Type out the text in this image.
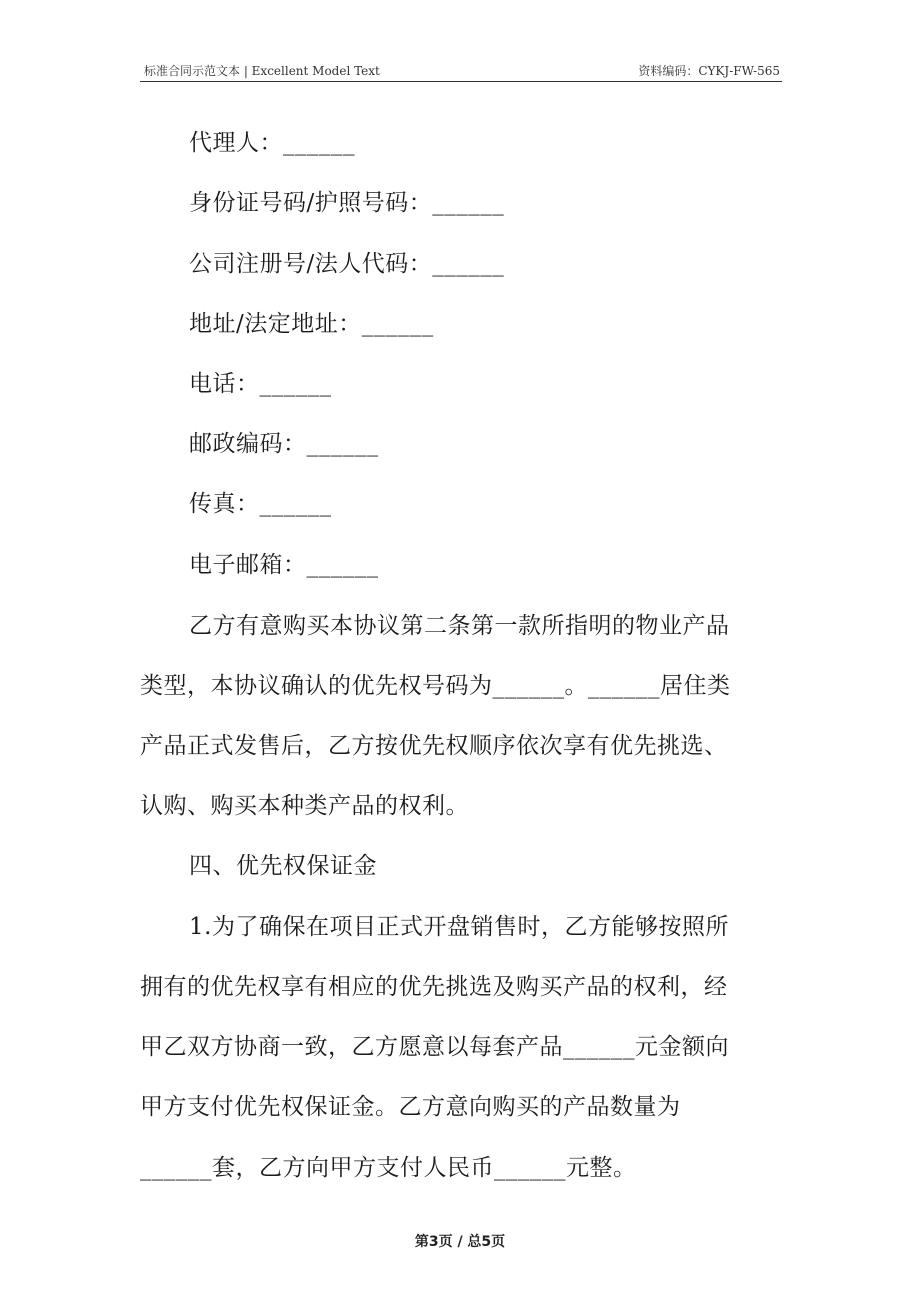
标准合同示范文本 | Excellent Model Text	资料编码：CYKJ-FW-565
代理人：______
身份证号码/护照号码：______
公司注册号/法人代码：______
地址/法定地址：______
电话：______
邮政编码：______
传真：______
电子邮箱：______
乙方有意购买本协议第二条第一款所指明的物业产品
类型，本协议确认的优先权号码为______。______居住类
产品正式发售后，乙方按优先权顺序依次享有优先挑选、
认购、购买本种类产品的权利。
四、优先权保证金
1.为了确保在项目正式开盘销售时，乙方能够按照所
拥有的优先权享有相应的优先挑选及购买产品的权利，经
甲乙双方协商一致，乙方愿意以每套产品______元金额向
甲方支付优先权保证金。乙方意向购买的产品数量为
______套，乙方向甲方支付人民币______元整。
第3页 / 总5页
